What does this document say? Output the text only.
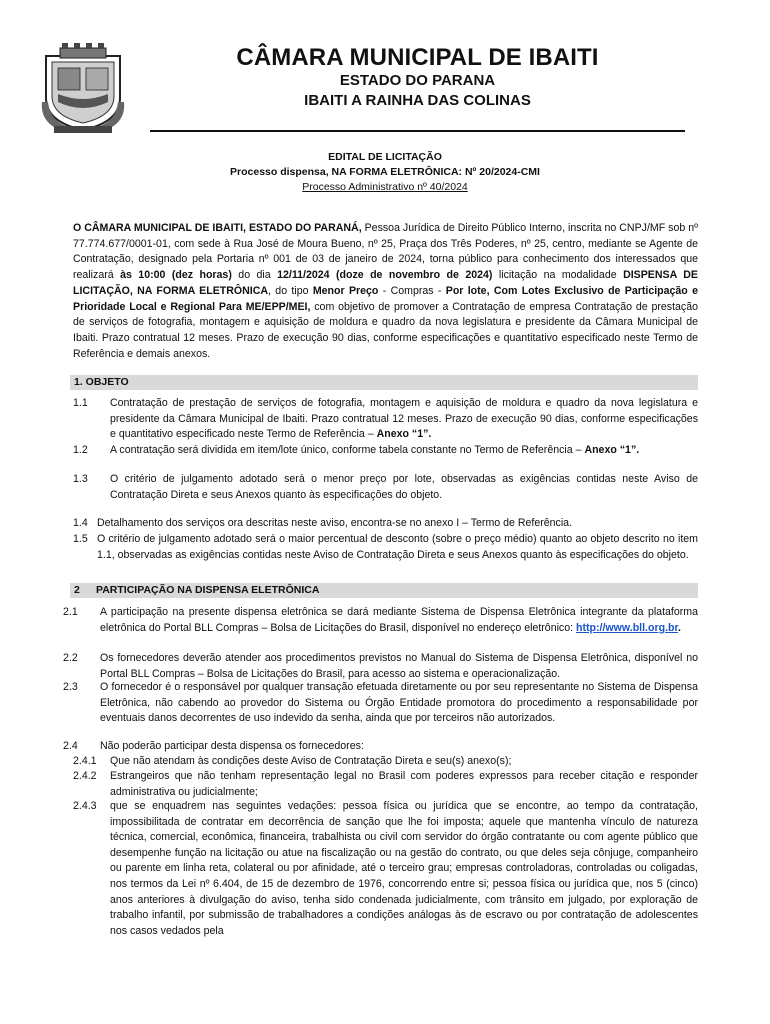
CÂMARA MUNICIPAL DE IBAITI
ESTADO DO PARANA
IBAITI A RAINHA DAS COLINAS
EDITAL DE LICITAÇÃO
Processo dispensa, NA FORMA ELETRÔNICA: Nº 20/2024-CMI
Processo Administrativo nº 40/2024
O CÂMARA MUNICIPAL DE IBAITI, ESTADO DO PARANÁ, Pessoa Jurídica de Direito Público Interno, inscrita no CNPJ/MF sob nº 77.774.677/0001-01, com sede à Rua José de Moura Bueno, nº 25, Praça dos Três Poderes, nº 25, centro, mediante se Agente de Contratação, designado pela Portaria nº 001 de 03 de janeiro de 2024, torna público para conhecimento dos interessados que realizará às 10:00 (dez horas) do dia 12/11/2024 (doze de novembro de 2024) licitação na modalidade DISPENSA DE LICITAÇÃO, NA FORMA ELETRÔNICA, do tipo Menor Preço - Compras - Por lote, Com Lotes Exclusivo de Participação e Prioridade Local e Regional Para ME/EPP/MEI, com objetivo de promover a Contratação de empresa Contratação de prestação de serviços de fotografia, montagem e aquisição de moldura e quadro da nova legislatura e presidente da Câmara Municipal de Ibaiti. Prazo contratual 12 meses. Prazo de execução 90 dias, conforme especificações e quantitativo especificado neste Termo de Referência e demais anexos.
1. OBJETO
1.1 Contratação de prestação de serviços de fotografia, montagem e aquisição de moldura e quadro da nova legislatura e presidente da Câmara Municipal de Ibaiti. Prazo contratual 12 meses. Prazo de execução 90 dias, conforme especificações e quantitativo especificado neste Termo de Referência – Anexo “1”.
1.2 A contratação será dividida em item/lote único, conforme tabela constante no Termo de Referência – Anexo “1”.
1.3 O critério de julgamento adotado será o menor preço por lote, observadas as exigências contidas neste Aviso de Contratação Direta e seus Anexos quanto às especificações do objeto.
1.4 Detalhamento dos serviços ora descritas neste aviso, encontra-se no anexo I – Termo de Referência.
1.5 O critério de julgamento adotado será o maior percentual de desconto (sobre o preço médio) quanto ao objeto descrito no item 1.1, observadas as exigências contidas neste Aviso de Contratação Direta e seus Anexos quanto às especificações do objeto.
2 PARTICIPAÇÃO NA DISPENSA ELETRÔNICA
2.1 A participação na presente dispensa eletrônica se dará mediante Sistema de Dispensa Eletrônica integrante da plataforma eletrônica do Portal BLL Compras – Bolsa de Licitações do Brasil, disponível no endereço eletrônico: http://www.bll.org.br.
2.2 Os fornecedores deverão atender aos procedimentos previstos no Manual do Sistema de Dispensa Eletrônica, disponível no Portal BLL Compras – Bolsa de Licitações do Brasil, para acesso ao sistema e operacionalização.
2.3 O fornecedor é o responsável por qualquer transação efetuada diretamente ou por seu representante no Sistema de Dispensa Eletrônica, não cabendo ao provedor do Sistema ou Órgão Entidade promotora do procedimento a responsabilidade por eventuais danos decorrentes de uso indevido da senha, ainda que por terceiros não autorizados.
2.4 Não poderão participar desta dispensa os fornecedores:
2.4.1 Que não atendam às condições deste Aviso de Contratação Direta e seu(s) anexo(s);
2.4.2 Estrangeiros que não tenham representação legal no Brasil com poderes expressos para receber citação e responder administrativa ou judicialmente;
2.4.3 que se enquadrem nas seguintes vedações: pessoa física ou jurídica que se encontre, ao tempo da contratação, impossibilitada de contratar em decorrência de sanção que lhe foi imposta; aquele que mantenha vínculo de natureza técnica, comercial, econômica, financeira, trabalhista ou civil com servidor do órgão contratante ou com agente público que desempenhe função na licitação ou atue na fiscalização ou na gestão do contrato, ou que deles seja cônjuge, companheiro ou parente em linha reta, colateral ou por afinidade, até o terceiro grau; empresas controladoras, controladas ou coligadas, nos termos da Lei nº 6.404, de 15 de dezembro de 1976, concorrendo entre si; pessoa física ou jurídica que, nos 5 (cinco) anos anteriores à divulgação do aviso, tenha sido condenada judicialmente, com trânsito em julgado, por exploração de trabalho infantil, por submissão de trabalhadores a condições análogas às de escravo ou por contratação de adolescentes nos casos vedados pela
